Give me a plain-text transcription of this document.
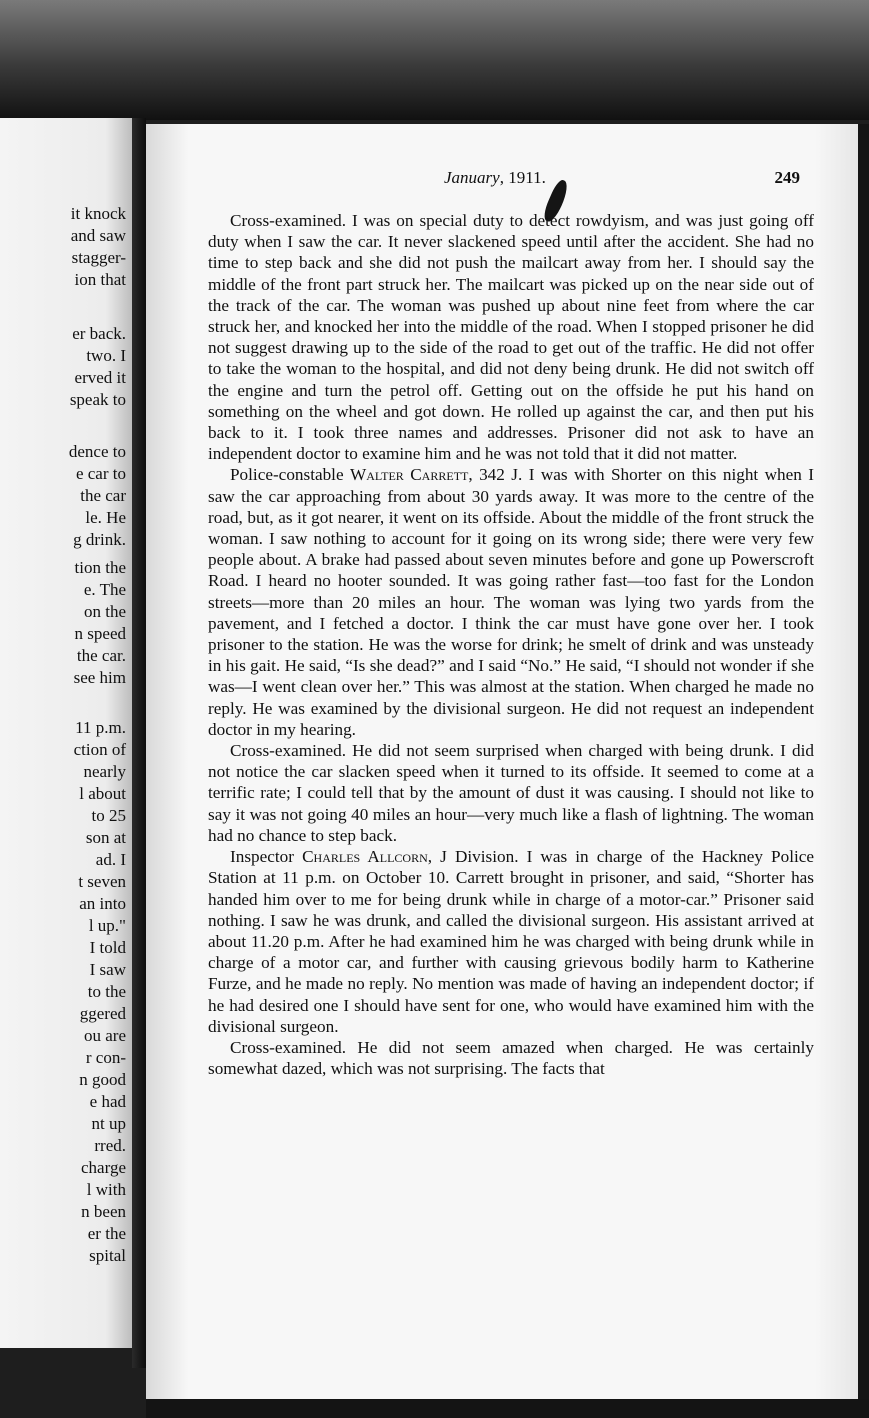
it knock
and saw
stagger-
ion that
er back.
two. I
erved it
speak to
dence to
e car to
the car
le. He
g drink.
tion the
e. The
on the
n speed
the car.
see him
11 p.m.
ction of
nearly
l about
to 25
son at
ad. I
t seven
an into
l up."
I told
I saw
to the
ggered
ou are
r con-
n good
e had
nt up
rred.
charge
l with
n been
er the
spital
January, 1911.	249

Cross-examined. I was on special duty to detect rowdyism, and was just going off duty when I saw the car. It never slackened speed until after the accident. She had no time to step back and she did not push the mailcart away from her. I should say the middle of the front part struck her. The mailcart was picked up on the near side out of the track of the car. The woman was pushed up about nine feet from where the car struck her, and knocked her into the middle of the road. When I stopped prisoner he did not suggest drawing up to the side of the road to get out of the traffic. He did not offer to take the woman to the hospital, and did not deny being drunk. He did not switch off the engine and turn the petrol off. Getting out on the offside he put his hand on something on the wheel and got down. He rolled up against the car, and then put his back to it. I took three names and addresses. Prisoner did not ask to have an independent doctor to examine him and he was not told that it did not matter.

Police-constable Walter Carrett, 342 J. I was with Shorter on this night when I saw the car approaching from about 30 yards away. It was more to the centre of the road, but, as it got nearer, it went on its offside. About the middle of the front struck the woman. I saw nothing to account for it going on its wrong side; there were very few people about. A brake had passed about seven minutes before and gone up Powerscroft Road. I heard no hooter sounded. It was going rather fast—too fast for the London streets—more than 20 miles an hour. The woman was lying two yards from the pavement, and I fetched a doctor. I think the car must have gone over her. I took prisoner to the station. He was the worse for drink; he smelt of drink and was unsteady in his gait. He said, “Is she dead?” and I said “No.” He said, “I should not wonder if she was—I went clean over her.” This was almost at the station. When charged he made no reply. He was examined by the divisional surgeon. He did not request an independent doctor in my hearing.

Cross-examined. He did not seem surprised when charged with being drunk. I did not notice the car slacken speed when it turned to its offside. It seemed to come at a terrific rate; I could tell that by the amount of dust it was causing. I should not like to say it was not going 40 miles an hour—very much like a flash of lightning. The woman had no chance to step back.

Inspector Charles Allcorn, J Division. I was in charge of the Hackney Police Station at 11 p.m. on October 10. Carrett brought in prisoner, and said, “Shorter has handed him over to me for being drunk while in charge of a motor-car.” Prisoner said nothing. I saw he was drunk, and called the divisional surgeon. His assistant arrived at about 11.20 p.m. After he had examined him he was charged with being drunk while in charge of a motor car, and further with causing grievous bodily harm to Katherine Furze, and he made no reply. No mention was made of having an independent doctor; if he had desired one I should have sent for one, who would have examined him with the divisional surgeon.

Cross-examined. He did not seem amazed when charged. He was certainly somewhat dazed, which was not surprising. The facts that
